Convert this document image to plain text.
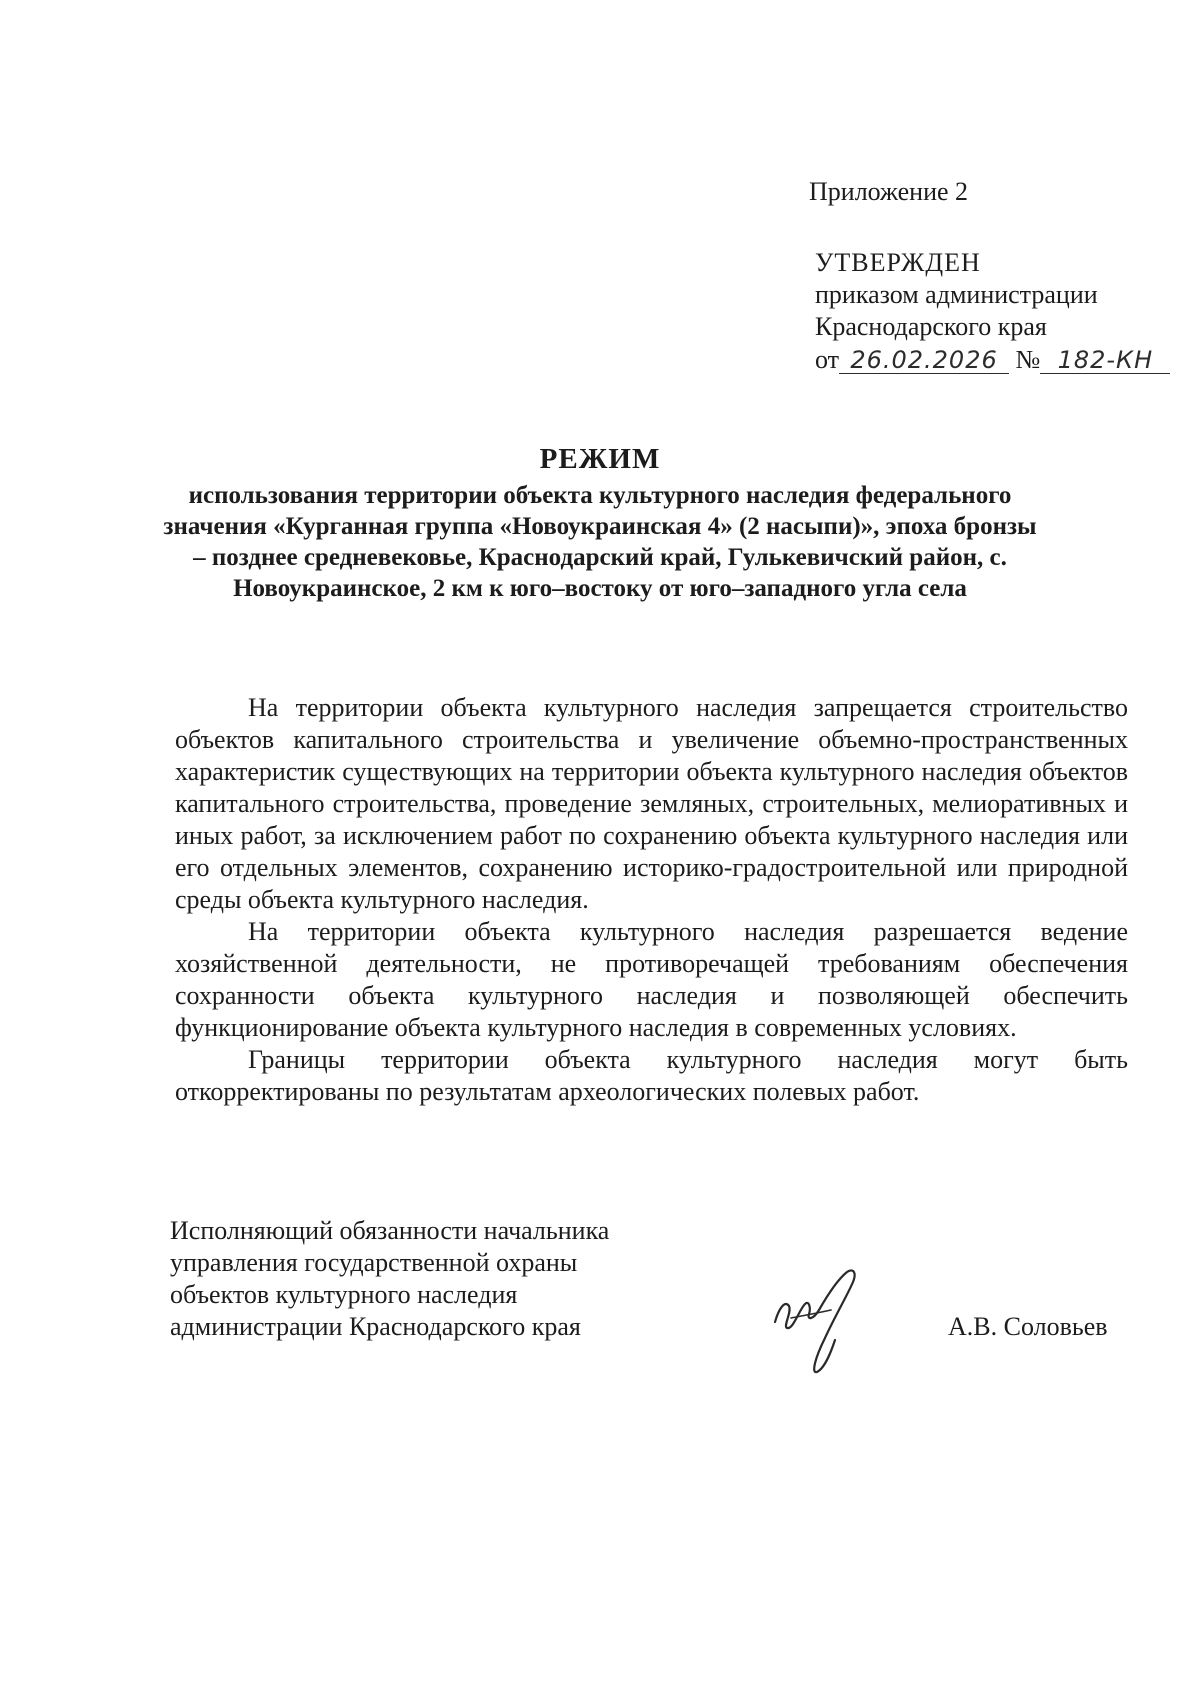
Приложение 2
УТВЕРЖДЕН
приказом администрации
Краснодарского края
от 26.02.2026 № 182-КН

РЕЖИМ

использования территории объекта культурного наследия федерального значения «Курганная группа «Новоукраинская 4» (2 насыпи)», эпоха бронзы – позднее средневековье, Краснодарский край, Гулькевичский район, с. Новоукраинское, 2 км к юго–востоку от юго–западного угла села

На территории объекта культурного наследия запрещается строительство объектов капитального строительства и увеличение объемно-пространственных характеристик существующих на территории объекта культурного наследия объектов капитального строительства, проведение земляных, строительных, мелиоративных и иных работ, за исключением работ по сохранению объекта культурного наследия или его отдельных элементов, сохранению историко-градостроительной или природной среды объекта культурного наследия.

На территории объекта культурного наследия разрешается ведение хозяйственной деятельности, не противоречащей требованиям обеспечения сохранности объекта культурного наследия и позволяющей обеспечить функционирование объекта культурного наследия в современных условиях.

Границы территории объекта культурного наследия могут быть откорректированы по результатам археологических полевых работ.

Исполняющий обязанности начальника
управления государственной охраны
объектов культурного наследия
администрации Краснодарского края	А.В. Соловьев
